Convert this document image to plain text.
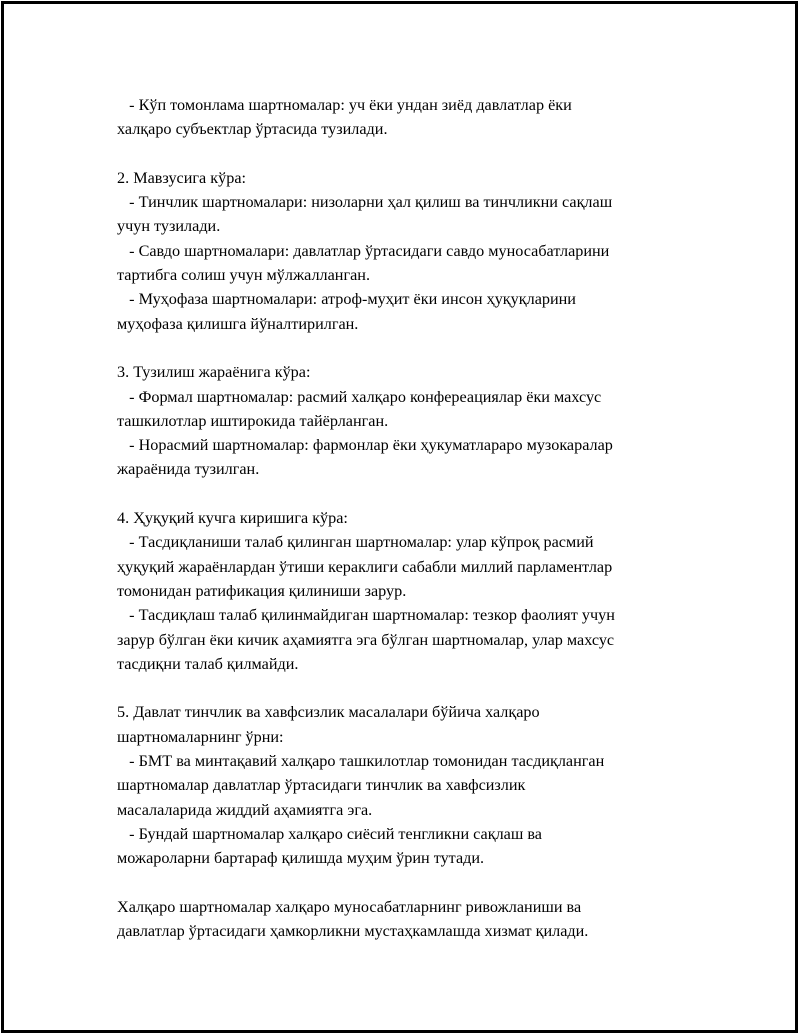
- Кўп томонлама шартномалар: уч ёки ундан зиёд давлатлар ёки
халқаро субъектлар ўртасида тузилади.
2. Мавзусига кўра:
- Тинчлик шартномалари: низоларни ҳал қилиш ва тинчликни сақлаш
учун тузилади.
- Савдо шартномалари: давлатлар ўртасидаги савдо муносабатларини
тартибга солиш учун мўлжалланган.
- Муҳофаза шартномалари: атроф-муҳит ёки инсон ҳуқуқларини
муҳофаза қилишга йўналтирилган.
3. Тузилиш жараёнига кўра:
- Формал шартномалар: расмий халқаро конфереациялар ёки махсус
ташкилотлар иштирокида тайёрланган.
- Норасмий шартномалар: фармонлар ёки ҳукуматлараро музокаралар
жараёнида тузилган.
4. Ҳуқуқий кучга киришига кўра:
- Тасдиқланиши талаб қилинган шартномалар: улар кўпроқ расмий
ҳуқуқий жараёнлардан ўтиши кераклиги сабабли миллий парламентлар
томонидан ратификация қилиниши зарур.
- Тасдиқлаш талаб қилинмайдиган шартномалар: тезкор фаолият учун
зарур бўлган ёки кичик аҳамиятга эга бўлган шартномалар, улар махсус
тасдиқни талаб қилмайди.
5. Давлат тинчлик ва хавфсизлик масалалари бўйича халқаро
шартномаларнинг ўрни:
- БМТ ва минтақавий халқаро ташкилотлар томонидан тасдиқланган
шартномалар давлатлар ўртасидаги тинчлик ва хавфсизлик
масалаларида жиддий аҳамиятга эга.
- Бундай шартномалар халқаро сиёсий тенгликни сақлаш ва
можароларни бартараф қилишда муҳим ўрин тутади.
Халқаро шартномалар халқаро муносабатларнинг ривожланиши ва
давлатлар ўртасидаги ҳамкорликни мустаҳкамлашда хизмат қилади.
